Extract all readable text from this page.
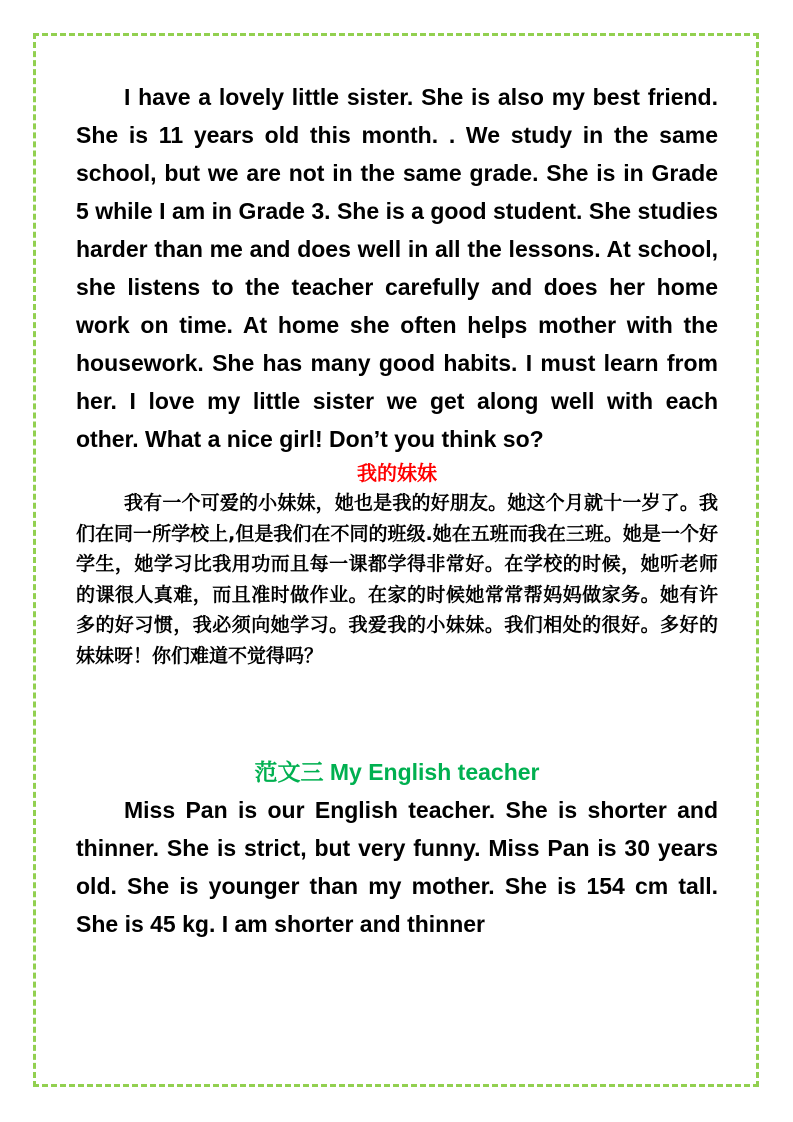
I have a lovely little sister. She is also my best friend. She is 11 years old this month. . We study in the same school, but we are not in the same grade. She is in Grade 5 while I am in Grade 3. She is a good student. She studies harder than me and does well in all the lessons. At school, she listens to the teacher carefully and does her home work on time. At home she often helps mother with the housework. She has many good habits. I must learn from her. I love my little sister we get along well with each other. What a nice girl! Don’t you think so?

我的妹妹

我有一个可爱的小妹妹，她也是我的好朋友。她这个月就十一岁了。我们在同一所学校上,但是我们在不同的班级.她在五班而我在三班。她是一个好学生，她学习比我用功而且每一课都学得非常好。在学校的时候，她听老师的课很人真难，而且准时做作业。在家的时候她常常帮妈妈做家务。她有许多的好习惯，我必须向她学习。我爱我的小妹妹。我们相处的很好。多好的妹妹呀！你们难道不觉得吗？

范文三 My English teacher

Miss Pan is our English teacher. She is shorter and thinner. She is strict, but very funny. Miss Pan is 30 years old. She is younger than my mother. She is 154 cm tall. She is 45 kg. I am shorter and thinner
